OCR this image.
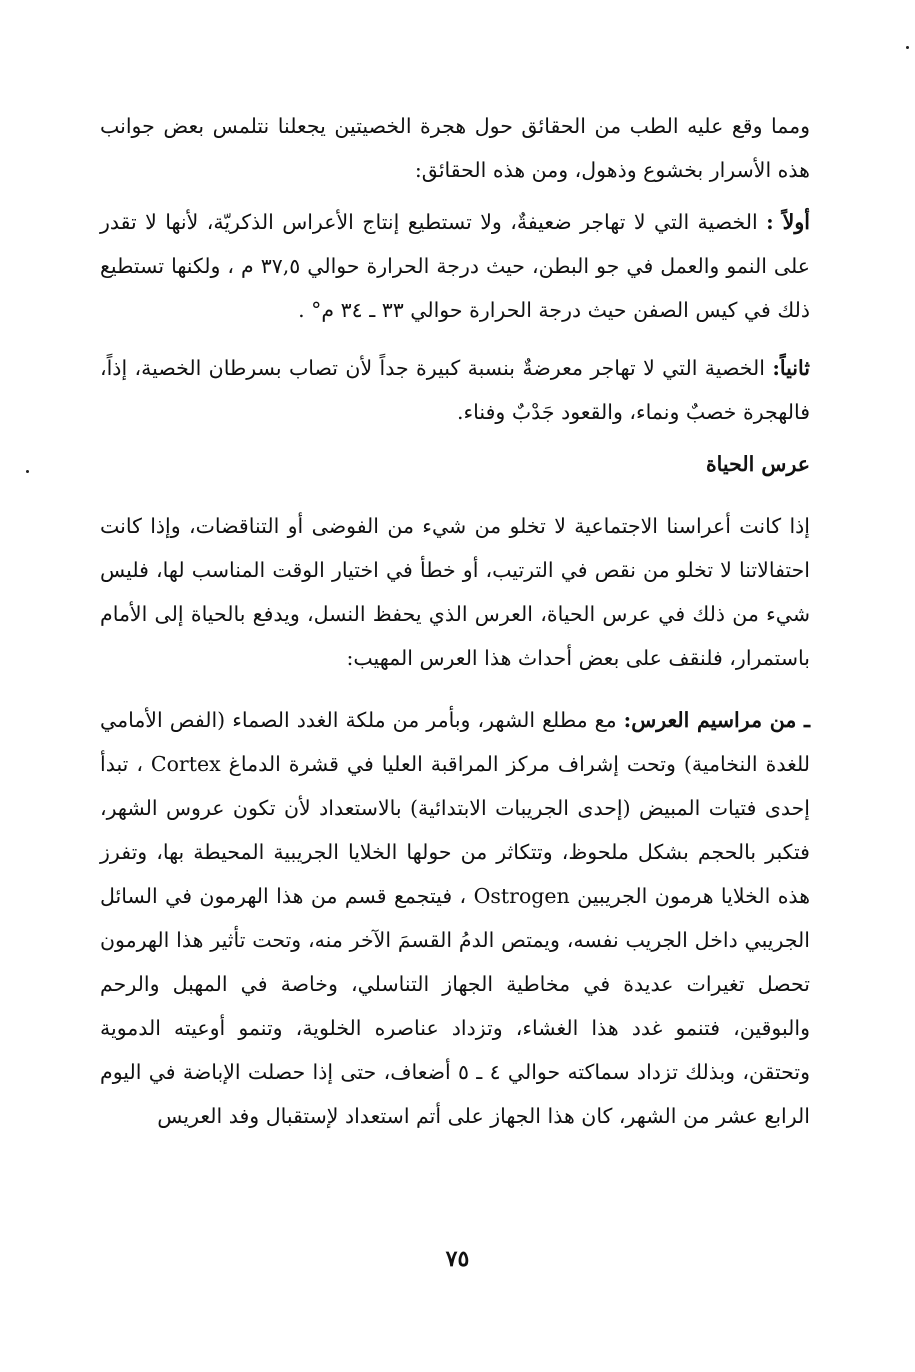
ومما وقع عليه الطب من الحقائق حول هجرة الخصيتين يجعلنا نتلمس بعض جوانب هذه الأسرار بخشوع وذهول، ومن هذه الحقائق:

أولاً : الخصية التي لا تهاجر ضعيفةٌ، ولا تستطيع إنتاج الأعراس الذكريّة، لأنها لا تقدر على النمو والعمل في جو البطن، حيث درجة الحرارة حوالي ٣٧,٥ م ، ولكنها تستطيع ذلك في كيس الصفن حيث درجة الحرارة حوالي ٣٣ ـ ٣٤ م° .

ثانياً: الخصية التي لا تهاجر معرضةٌ بنسبة كبيرة جداً لأن تصاب بسرطان الخصية، إذاً، فالهجرة خصبٌ ونماء، والقعود جَدْبٌ وفناء.

عرس الحياة

إذا كانت أعراسنا الاجتماعية لا تخلو من شيء من الفوضى أو التناقضات، وإذا كانت احتفالاتنا لا تخلو من نقص في الترتيب، أو خطأ في اختيار الوقت المناسب لها، فليس شيء من ذلك في عرس الحياة، العرس الذي يحفظ النسل، ويدفع بالحياة إلى الأمام باستمرار، فلنقف على بعض أحداث هذا العرس المهيب:

ـ من مراسيم العرس: مع مطلع الشهر، وبأمر من ملكة الغدد الصماء (الفص الأمامي للغدة النخامية) وتحت إشراف مركز المراقبة العليا في قشرة الدماغ Cortex ، تبدأ إحدى فتيات المبيض (إحدى الجريبات الابتدائية) بالاستعداد لأن تكون عروس الشهر، فتكبر بالحجم بشكل ملحوظ، وتتكاثر من حولها الخلايا الجريبية المحيطة بها، وتفرز هذه الخلايا هرمون الجريبين Ostrogen ، فيتجمع قسم من هذا الهرمون في السائل الجريبي داخل الجريب نفسه، ويمتص الدمُ القسمَ الآخر منه، وتحت تأثير هذا الهرمون تحصل تغيرات عديدة في مخاطية الجهاز التناسلي، وخاصة في المهبل والرحم والبوقين، فتنمو غدد هذا الغشاء، وتزداد عناصره الخلوية، وتنمو أوعيته الدموية وتحتقن، وبذلك تزداد سماكته حوالي ٤ ـ ٥ أضعاف، حتى إذا حصلت الإباضة في اليوم الرابع عشر من الشهر، كان هذا الجهاز على أتم استعداد لإستقبال وفد العريس

٧٥
